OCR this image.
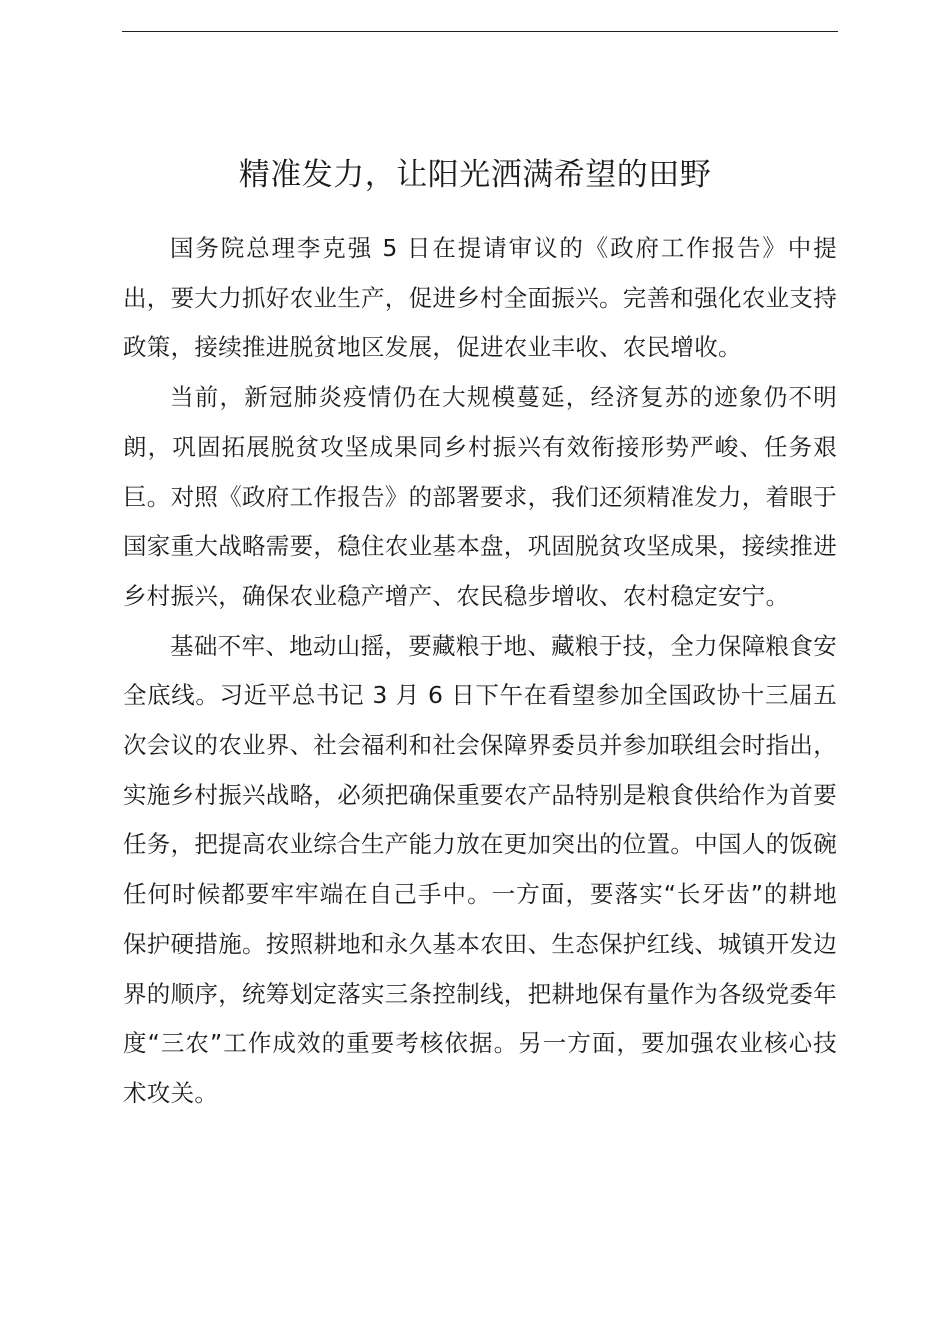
精准发力，让阳光洒满希望的田野

国务院总理李克强 5 日在提请审议的《政府工作报告》中提出，要大力抓好农业生产，促进乡村全面振兴。完善和强化农业支持政策，接续推进脱贫地区发展，促进农业丰收、农民增收。

当前，新冠肺炎疫情仍在大规模蔓延，经济复苏的迹象仍不明朗，巩固拓展脱贫攻坚成果同乡村振兴有效衔接形势严峻、任务艰巨。对照《政府工作报告》的部署要求，我们还须精准发力，着眼于国家重大战略需要，稳住农业基本盘，巩固脱贫攻坚成果，接续推进乡村振兴，确保农业稳产增产、农民稳步增收、农村稳定安宁。

基础不牢、地动山摇，要藏粮于地、藏粮于技，全力保障粮食安全底线。习近平总书记 3 月 6 日下午在看望参加全国政协十三届五次会议的农业界、社会福利和社会保障界委员并参加联组会时指出，实施乡村振兴战略，必须把确保重要农产品特别是粮食供给作为首要任务，把提高农业综合生产能力放在更加突出的位置。中国人的饭碗任何时候都要牢牢端在自己手中。一方面，要落实“长牙齿”的耕地保护硬措施。按照耕地和永久基本农田、生态保护红线、城镇开发边界的顺序，统筹划定落实三条控制线，把耕地保有量作为各级党委年度“三农”工作成效的重要考核依据。另一方面，要加强农业核心技术攻关。
